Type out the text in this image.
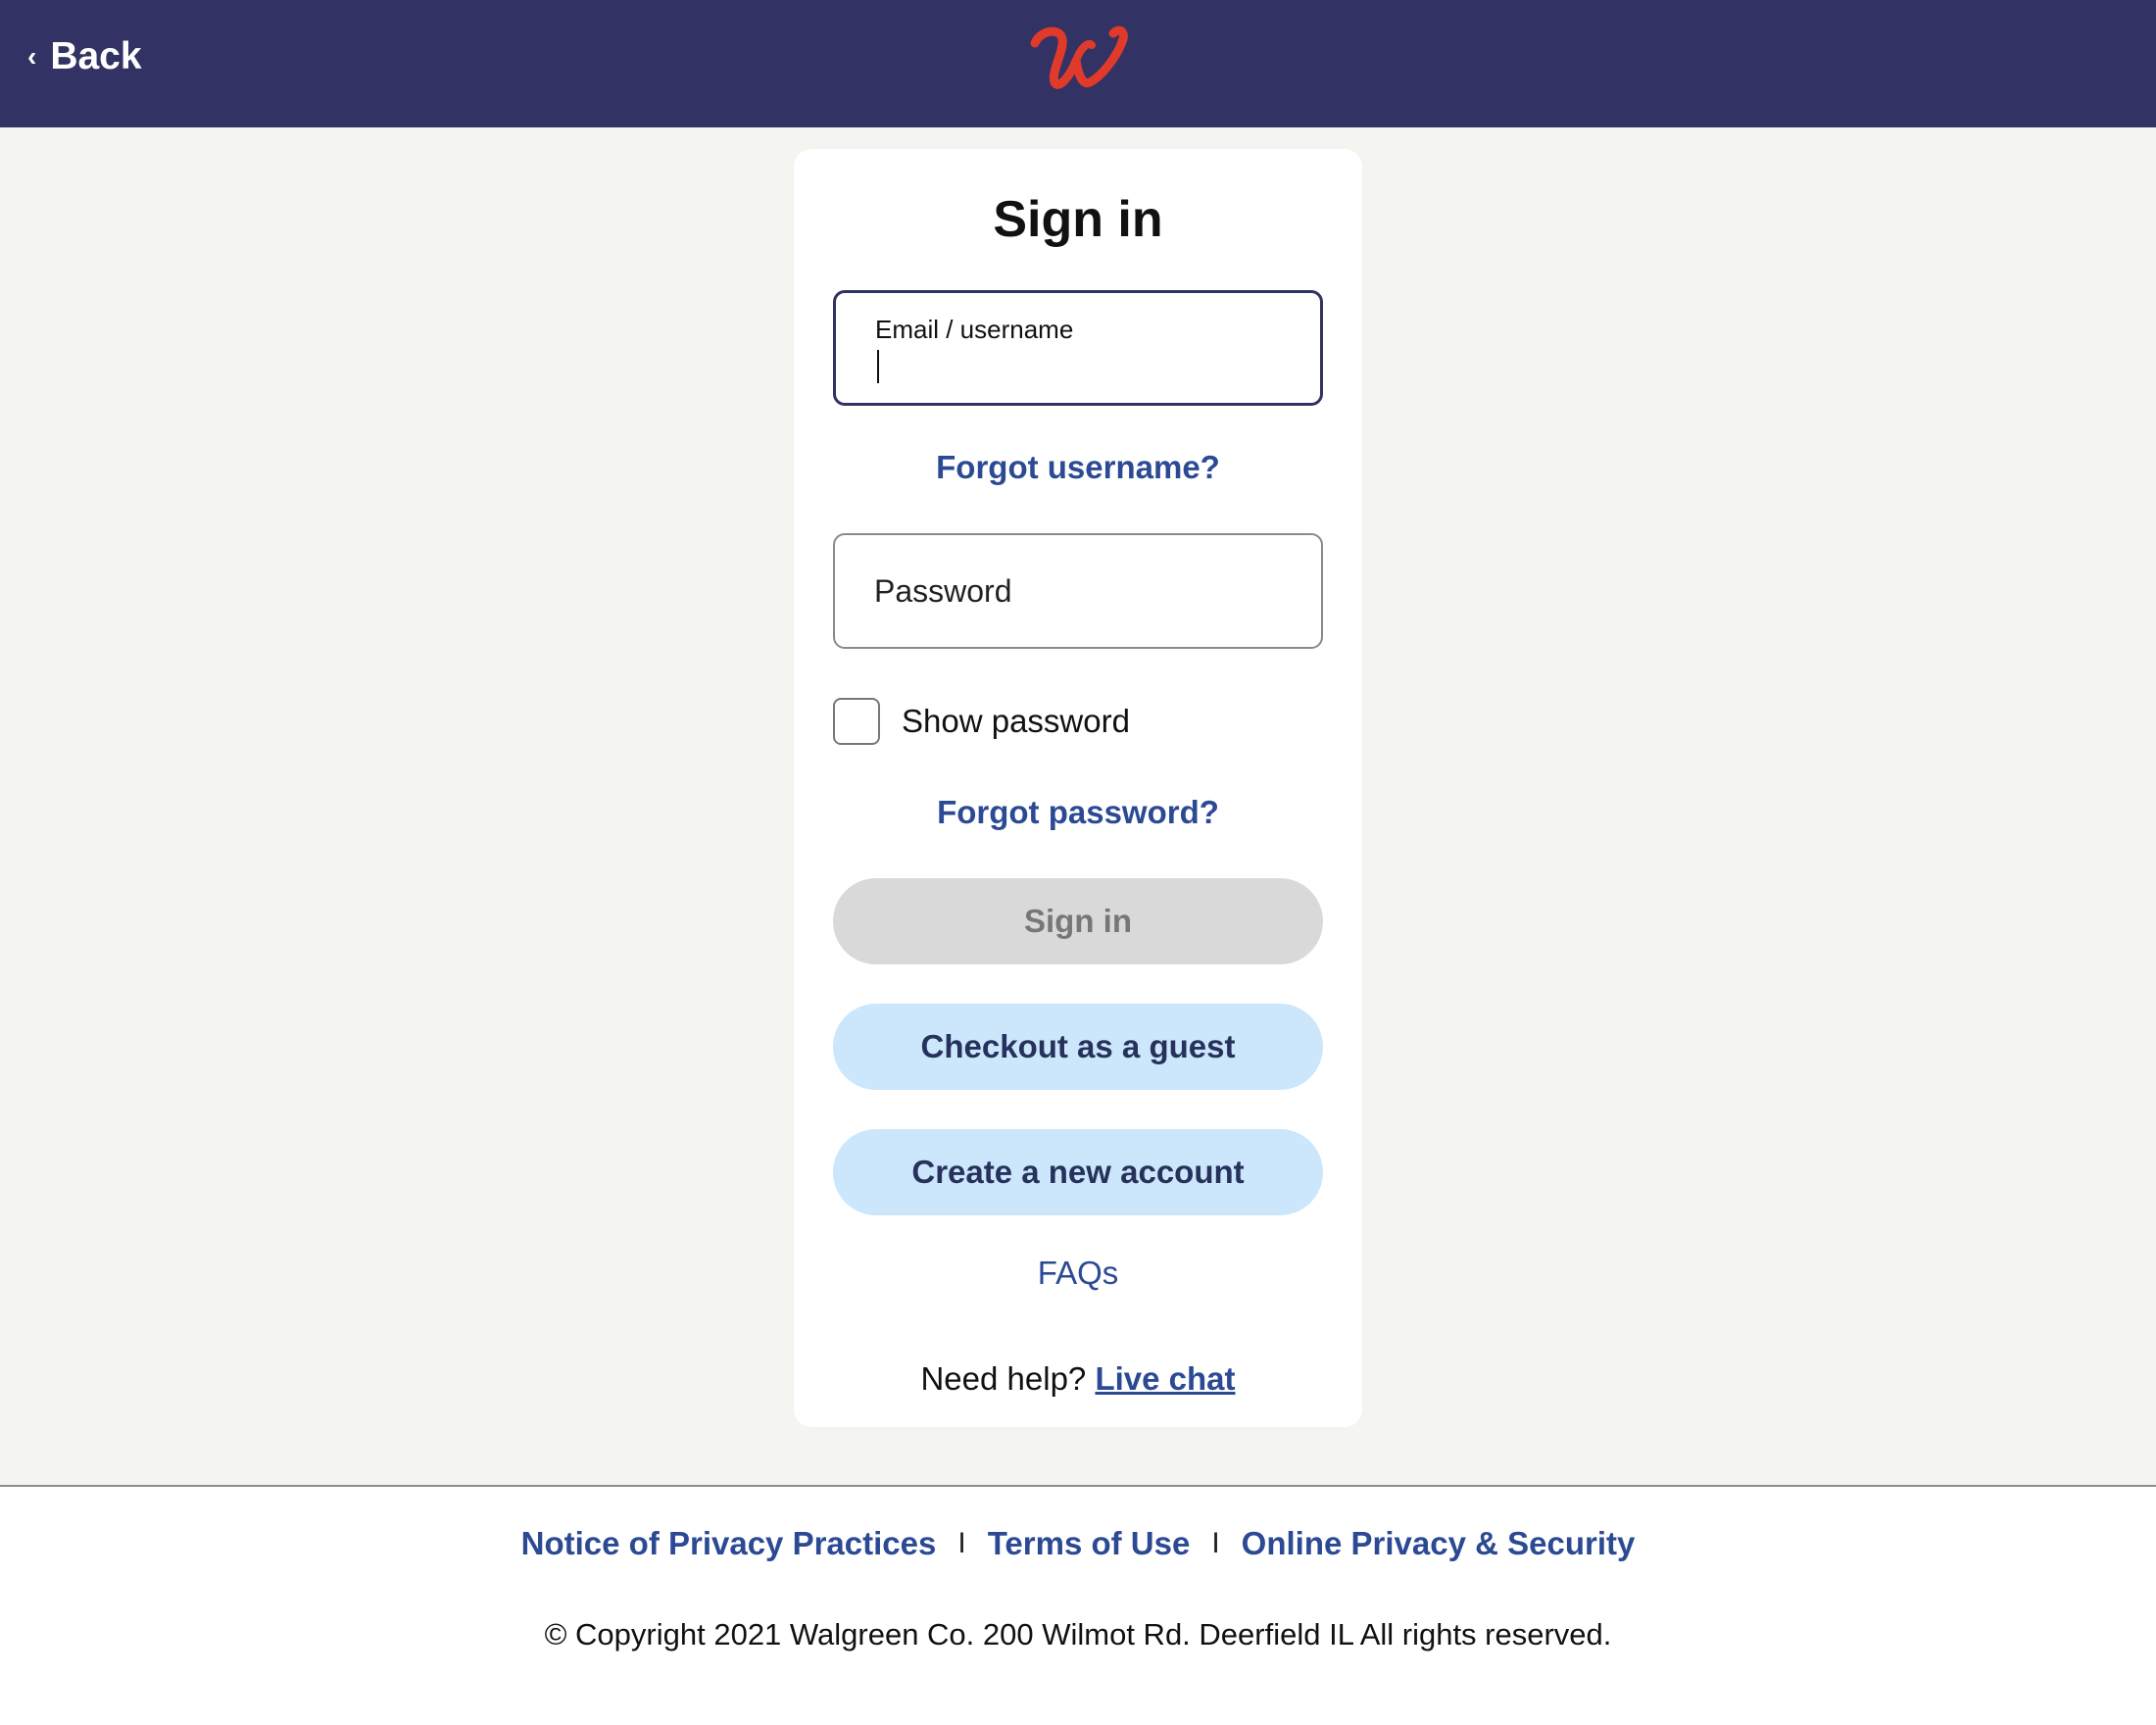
‹ Back
Sign in
Email / username
Forgot username?
Password
Show password
Forgot password?
Sign in
Checkout as a guest
Create a new account
FAQs
Need help? Live chat
Notice of Privacy Practices I Terms of Use I Online Privacy & Security
© Copyright 2021 Walgreen Co. 200 Wilmot Rd. Deerfield IL All rights reserved.
